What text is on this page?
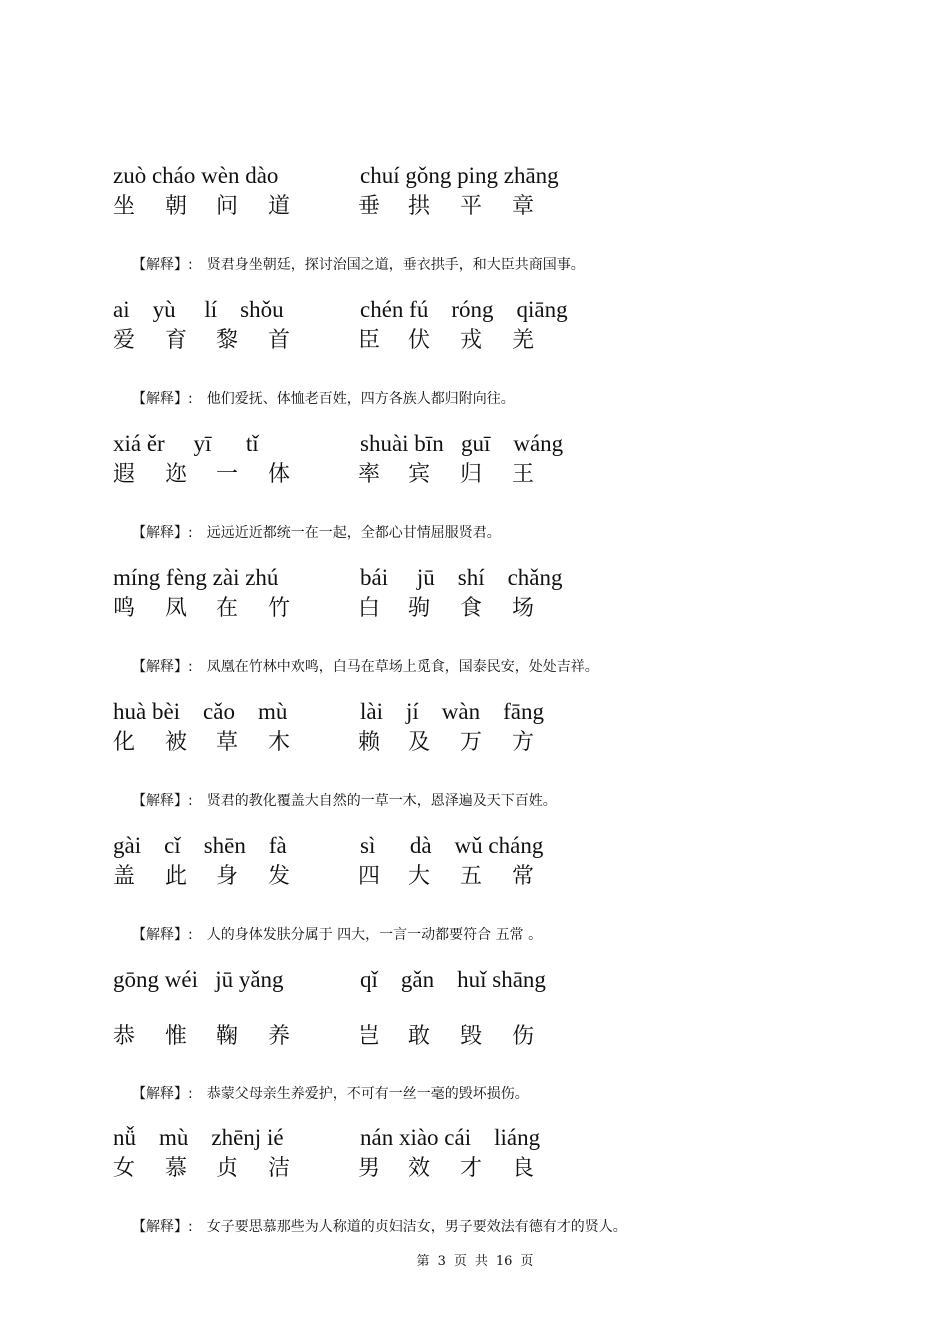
zuò cháo wèn dào	chuí gǒng ping zhāng
坐 朝 问 道	垂 拱 平 章
【解释】: 贤君身坐朝廷，探讨治国之道，垂衣拱手，和大臣共商国事。
ai    yù     lí    shǒu	chén fú    róng    qiāng
爱 育 黎 首	臣 伏 戎 羌
【解释】: 他们爱抚、体恤老百姓，四方各族人都归附向往。
xiá ěr     yī      tǐ	shuài bīn   guī    wáng
遐 迩 一 体	率 宾 归 王
【解释】: 远远近近都统一在一起，全都心甘情屈服贤君。
míng fèng zài zhú	bái     jū    shí    chǎng
鸣 凤 在 竹	白 驹 食 场
【解释】: 凤凰在竹林中欢鸣，白马在草场上觅食，国泰民安，处处吉祥。
huà bèi    cǎo    mù	lài    jí    wàn    fāng
化 被 草 木	赖 及 万 方
【解释】: 贤君的教化覆盖大自然的一草一木，恩泽遍及天下百姓。
gài    cǐ    shēn    fà	sì      dà    wǔ cháng
盖 此 身 发	四 大 五 常
【解释】: 人的身体发肤分属于 四大，一言一动都要符合 五常 。
gōng wéi   jū yǎng	qǐ    gǎn    huǐ shāng
恭 惟 鞠 养	岂 敢 毁 伤
【解释】: 恭蒙父母亲生养爱护，不可有一丝一毫的毁坏损伤。
nǚ    mù    zhēnj ié	nán xiào cái    liáng
女 慕 贞 洁	男 效 才 良
【解释】: 女子要思慕那些为人称道的贞妇洁女，男子要效法有德有才的贤人。
第 3 页 共 16 页
